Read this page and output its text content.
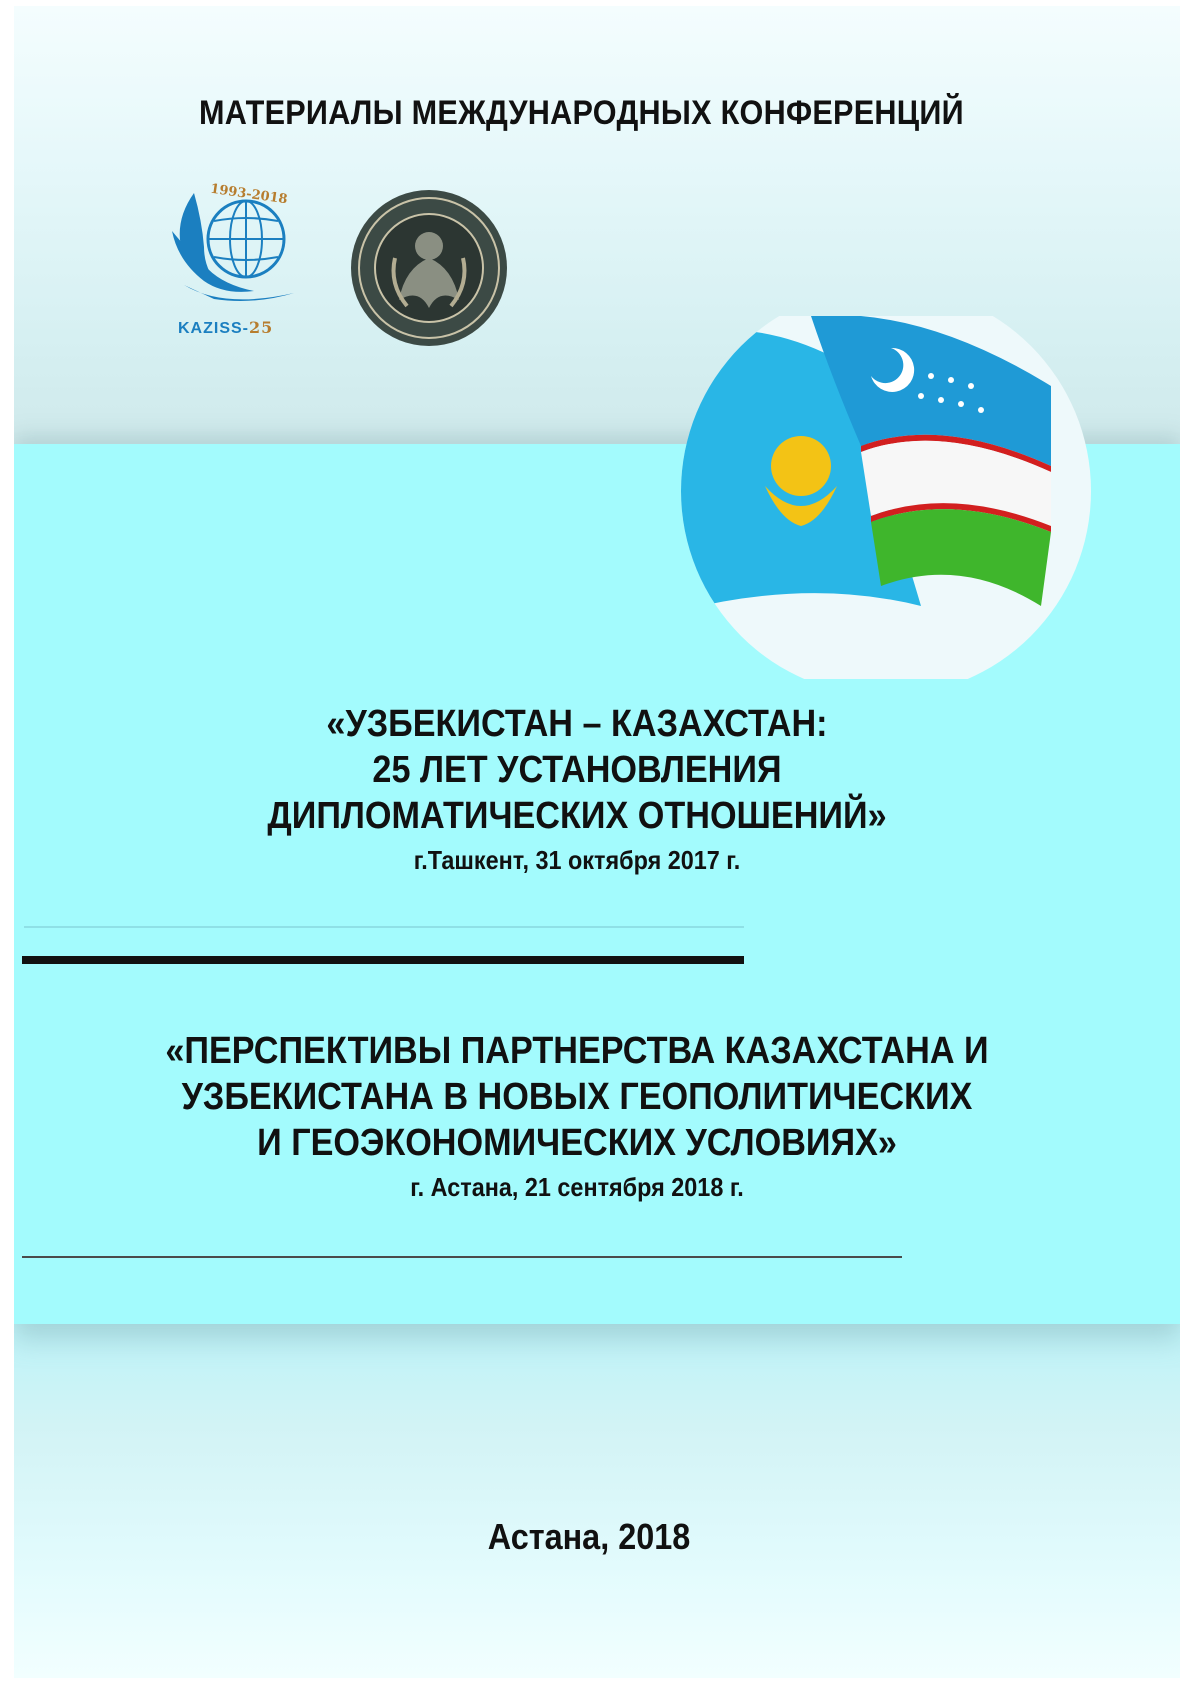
МАТЕРИАЛЫ МЕЖДУНАРОДНЫХ КОНФЕРЕНЦИЙ
1993-2018
KAZISS-25
«УЗБЕКИСТАН – КАЗАХСТАН:
25 ЛЕТ УСТАНОВЛЕНИЯ
ДИПЛОМАТИЧЕСКИХ ОТНОШЕНИЙ»
г.Ташкент, 31 октября 2017 г.
«ПЕРСПЕКТИВЫ ПАРТНЕРСТВА КАЗАХСТАНА И
УЗБЕКИСТАНА В НОВЫХ ГЕОПОЛИТИЧЕСКИХ
И ГЕОЭКОНОМИЧЕСКИХ УСЛОВИЯХ»
г. Астана, 21 сентября 2018 г.
Астана, 2018
